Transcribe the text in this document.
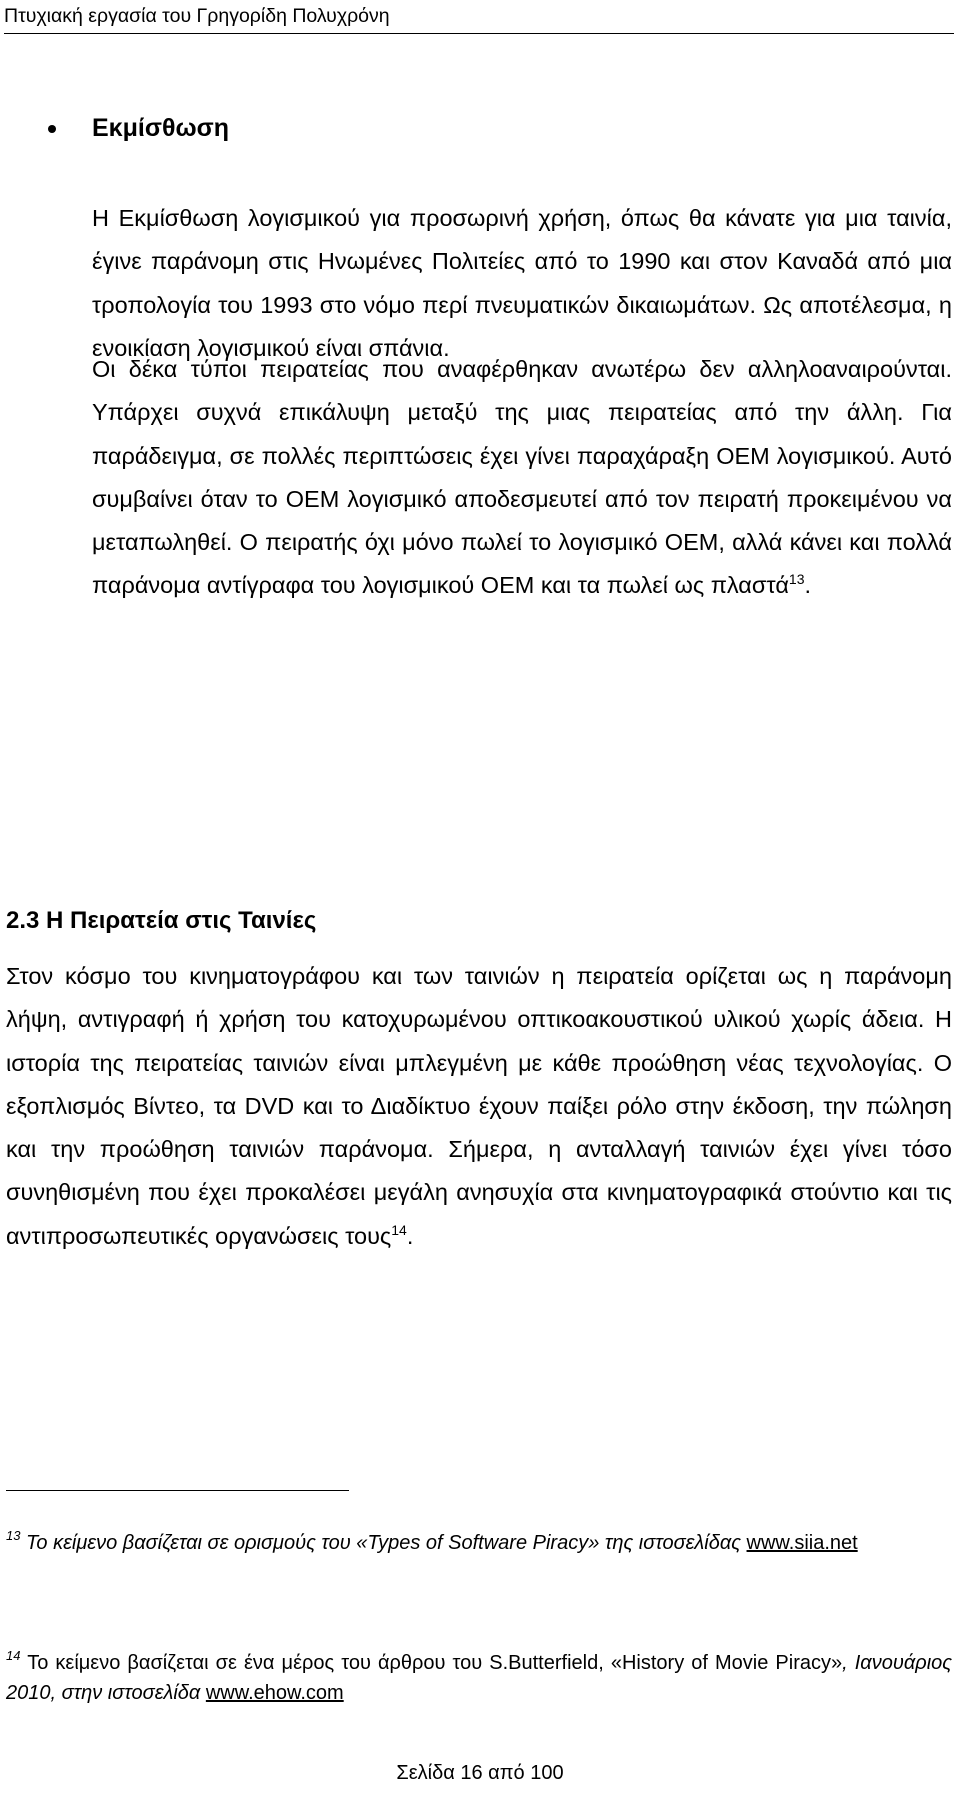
Πτυχιακή εργασία του Γρηγορίδη Πολυχρόνη
Εκμίσθωση

Η Εκμίσθωση λογισμικού για προσωρινή χρήση, όπως θα κάνατε για μια ταινία, έγινε παράνομη στις Ηνωμένες Πολιτείες από το 1990 και στον Καναδά από μια τροπολογία του 1993 στο νόμο περί πνευματικών δικαιωμάτων. Ως αποτέλεσμα, η ενοικίαση λογισμικού είναι σπάνια.

Οι δέκα τύποι πειρατείας που αναφέρθηκαν ανωτέρω δεν αλληλοαναιρούνται. Υπάρχει συχνά επικάλυψη μεταξύ της μιας πειρατείας από την άλλη. Για παράδειγμα, σε πολλές περιπτώσεις έχει γίνει παραχάραξη OEM λογισμικού. Αυτό συμβαίνει όταν το OEM λογισμικό αποδεσμευτεί από τον πειρατή προκειμένου να μεταπωληθεί. Ο πειρατής όχι μόνο πωλεί το λογισμικό OEM, αλλά κάνει και πολλά παράνομα αντίγραφα του λογισμικού OEM και τα πωλεί ως πλαστά$^{13}$.

2.3 Η Πειρατεία στις Ταινίες

Στον κόσμο του κινηματογράφου και των ταινιών η πειρατεία ορίζεται ως η παράνομη λήψη, αντιγραφή ή χρήση του κατοχυρωμένου οπτικοακουστικού υλικού χωρίς άδεια. Η ιστορία της πειρατείας ταινιών είναι μπλεγμένη με κάθε προώθηση νέας τεχνολογίας. Ο εξοπλισμός Βίντεο, τα DVD και το Διαδίκτυο έχουν παίξει ρόλο στην έκδοση, την πώληση και την προώθηση ταινιών παράνομα. Σήμερα, η ανταλλαγή ταινιών έχει γίνει τόσο συνηθισμένη που έχει προκαλέσει μεγάλη ανησυχία στα κινηματογραφικά στούντιο και τις αντιπροσωπευτικές οργανώσεις τους$^{14}$.

$^{13}$ Το κείμενο βασίζεται σε ορισμούς του «Types of Software Piracy» της ιστοσελίδας www.siia.net

$^{14}$ Το κείμενο βασίζεται σε ένα μέρος του άρθρου του S.Butterfield, «History of Movie Piracy», Ιανουάριος 2010, στην ιστοσελίδα www.ehow.com

Σελίδα 16 από 100
